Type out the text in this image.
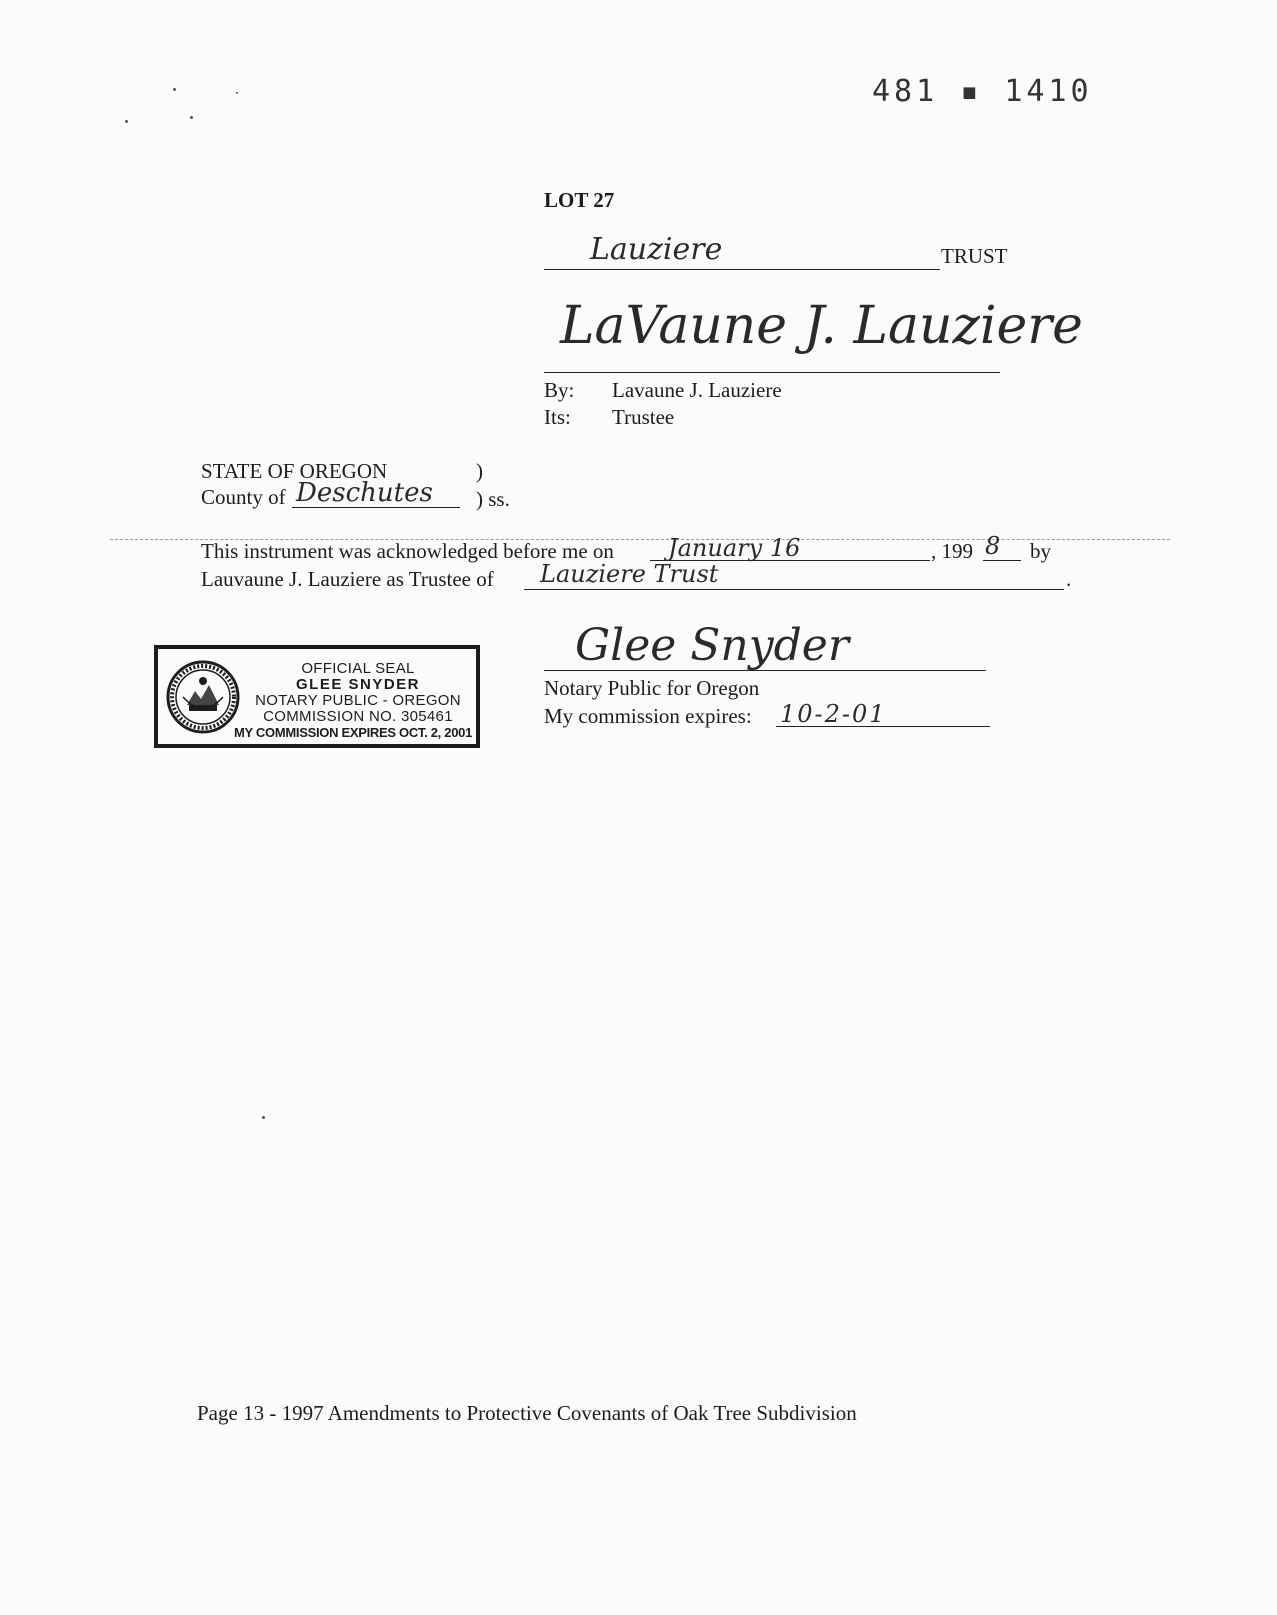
481 ▪ 1410
LOT 27
Lauziere	TRUST
LaVaune J. Lauziere
By: Lavaune J. Lauziere
Its: Trustee
STATE OF OREGON	)
County of Deschutes ) ss.
This instrument was acknowledged before me on January 16	, 199 8 by
Lauvaune J. Lauziere as Trustee of Lauziere Trust	.
OFFICIAL SEAL
GLEE SNYDER
NOTARY PUBLIC - OREGON
COMMISSION NO. 305461
MY COMMISSION EXPIRES OCT. 2, 2001
Glee Snyder
Notary Public for Oregon
My commission expires: 10-2-01
Page 13 - 1997 Amendments to Protective Covenants of Oak Tree Subdivision
